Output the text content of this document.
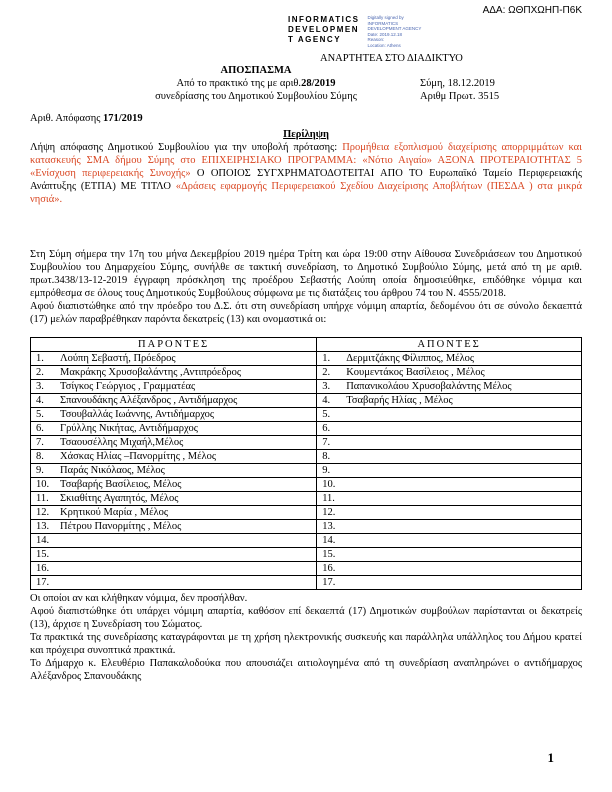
ΑΔΑ: ΩΘΠΧΩΗΠ-Π6Κ
INFORMATICS
DEVELOPMEN
T AGENCY
Digitally signed by
INFORMATICS
DEVELOPMENT AGENCY
Date: 2019.12.18
Reason:
Location: Athens
ΑΝΑΡΤΗΤΕΑ ΣΤΟ ΔΙΑΔΙΚΤΥΟ
ΑΠΟΣΠΑΣΜΑ
Από το πρακτικό της με αριθ.28/2019
συνεδρίασης του Δημοτικού Συμβουλίου Σύμης
Σύμη, 18.12.2019
Αριθμ Πρωτ. 3515
Αριθ. Απόφασης 171/2019
Περίληψη
Λήψη απόφασης Δημοτικού Συμβουλίου για την υποβολή πρότασης: Προμήθεια εξοπλισμού διαχείρισης απορριμμάτων και κατασκευής ΣΜΑ δήμου Σύμης στο ΕΠΙΧΕΙΡΗΣΙΑΚΟ ΠΡΟΓΡΑΜΜΑ: «Νότιο Αιγαίο» ΑΞΟΝΑ ΠΡΟΤΕΡΑΙΟΤΗΤΑΣ 5 «Ενίσχυση περιφερειακής Συνοχής» Ο ΟΠΟΙΟΣ ΣΥΓΧΡΗΜΑΤΟΔΟΤΕΙΤΑΙ ΑΠΟ ΤΟ Ευρωπαϊκό Ταμείο Περιφερειακής Ανάπτυξης (ΕΤΠΑ) ΜΕ ΤΙΤΛΟ «Δράσεις εφαρμογής Περιφερειακού Σχεδίου Διαχείρισης Αποβλήτων (ΠΕΣΔΑ ) στα μικρά νησιά».
Στη Σύμη σήμερα την 17η του μήνα Δεκεμβρίου 2019 ημέρα Τρίτη και ώρα 19:00 στην Αίθουσα Συνεδριάσεων του Δημοτικού Συμβουλίου του Δημαρχείου Σύμης, συνήλθε σε τακτική συνεδρίαση, το Δημοτικό Συμβούλιο Σύμης, μετά από τη με αριθ. πρωτ.3438/13-12-2019 έγγραφη πρόσκληση της προέδρου Σεβαστής Λούπη οποία δημοσιεύθηκε, επιδόθηκε νόμιμα και εμπρόθεσμα σε όλους τους Δημοτικούς Συμβούλους σύμφωνα με τις διατάξεις του άρθρου 74 του Ν. 4555/2018.
Αφού διαπιστώθηκε από την πρόεδρο του Δ.Σ. ότι στη συνεδρίαση υπήρχε νόμιμη απαρτία, δεδομένου ότι σε σύνολο δεκαεπτά (17) μελών παραβρέθηκαν παρόντα δεκατρείς (13) και ονομαστικά οι:
ΠΑΡΟΝΤΕΣ	ΑΠΟΝΤΕΣ
1. Λούπη Σεβαστή, Πρόεδρος	1. Δερμιτζάκης Φίλιππος, Μέλος
2. Μακράκης Χρυσοβαλάντης ,Αντιπρόεδρος	2. Κουμεντάκος Βασίλειος , Μέλος
3. Τσίγκος Γεώργιος , Γραμματέας	3. Παπανικολάου Χρυσοβαλάντης Μέλος
4. Σπανουδάκης Αλέξανδρος , Αντιδήμαρχος	4. Τσαβαρής Ηλίας , Μέλος
5. Τσουβαλλάς Ιωάννης, Αντιδήμαρχος	5.
6. Γρύλλης Νικήτας, Αντιδήμαρχος	6.
7. Τσαουσέλλης Μιχαήλ,Μέλος	7.
8. Χάσκας Ηλίας –Πανορμίτης , Μέλος	8.
9. Παράς Νικόλαος, Μέλος	9.
10. Τσαβαρής Βασίλειος, Μέλος	10.
11. Σκιαθίτης Αγαπητός, Μέλος	11.
12. Κρητικού Μαρία , Μέλος	12.
13. Πέτρου Πανορμίτης , Μέλος	13.
14.	14.
15.	15.
16.	16.
17.	17.
Οι οποίοι αν και κλήθηκαν νόμιμα, δεν προσήλθαν.
Αφού διαπιστώθηκε ότι υπάρχει νόμιμη απαρτία, καθόσον επί δεκαεπτά (17) Δημοτικών συμβούλων παρίστανται οι δεκατρείς (13), άρχισε η Συνεδρίαση του Σώματος.
Τα πρακτικά της συνεδρίασης καταγράφονται με τη χρήση ηλεκτρονικής συσκευής και παράλληλα υπάλληλος του Δήμου κρατεί και πρόχειρα συνοπτικά πρακτικά.
Το Δήμαρχο κ. Ελευθέριο Παπακαλοδούκα που απουσιάζει αιτιολογημένα από τη συνεδρίαση αναπληρώνει ο αντιδήμαρχος Αλέξανδρος Σπανουδάκης
1
